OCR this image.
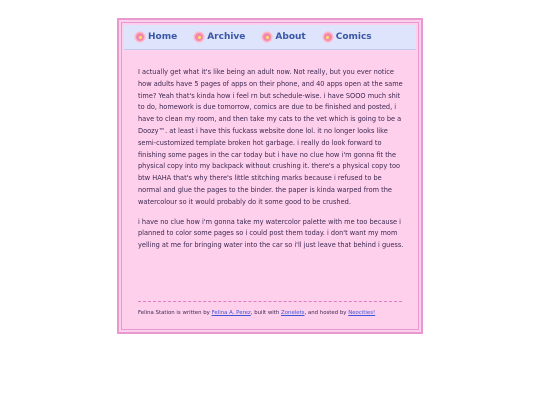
Home	Archive	About	Comics

I actually get what it's like being an adult now. Not really, but you ever notice how adults have 5 pages of apps on their phone, and 40 apps open at the same time? Yeah that's kinda how i feel rn but schedule-wise. i have SOOO much shit to do, homework is due tomorrow, comics are due to be finished and posted, i have to clean my room, and then take my cats to the vet which is going to be a Doozy™. at least i have this fuckass website done lol. it no longer looks like semi-customized template broken hot garbage. i really do look forward to finishing some pages in the car today but i have no clue how i'm gonna fit the physical copy into my backpack without crushing it. there's a physical copy too btw HAHA that's why there's little stitching marks because i refused to be normal and glue the pages to the binder. the paper is kinda warped from the watercolour so it would probably do it some good to be crushed.

i have no clue how i'm gonna take my watercolor palette with me too because i planned to color some pages so i could post them today. i don't want my mom yelling at me for bringing water into the car so i'll just leave that behind i guess.

Felina Station is written by Felina A. Perez, built with Zonelets, and hosted by Neocities!
